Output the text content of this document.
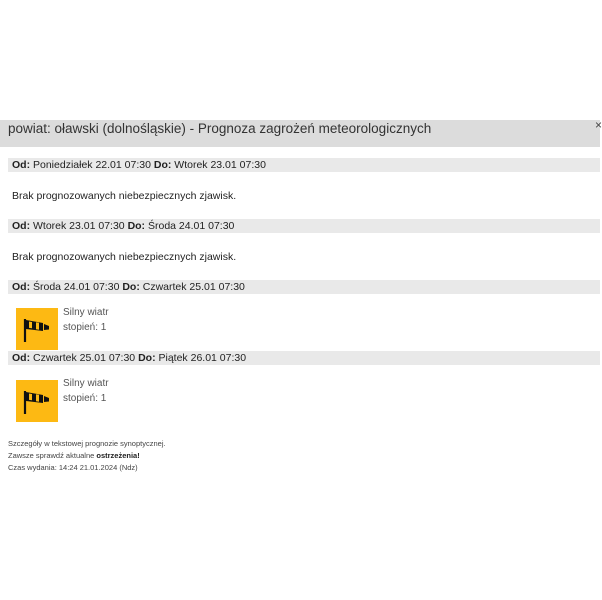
powiat: oławski (dolnośląskie) - Prognoza zagrożeń meteorologicznych	×
Od: Poniedziałek 22.01 07:30 Do: Wtorek 23.01 07:30
Brak prognozowanych niebezpiecznych zjawisk.
Od: Wtorek 23.01 07:30 Do: Środa 24.01 07:30
Brak prognozowanych niebezpiecznych zjawisk.
Od: Środa 24.01 07:30 Do: Czwartek 25.01 07:30
Silny wiatr
stopień: 1
Od: Czwartek 25.01 07:30 Do: Piątek 26.01 07:30
Silny wiatr
stopień: 1
Szczegóły w tekstowej prognozie synoptycznej.
Zawsze sprawdź aktualne ostrzeżenia!
Czas wydania: 14:24 21.01.2024 (Ndz)
